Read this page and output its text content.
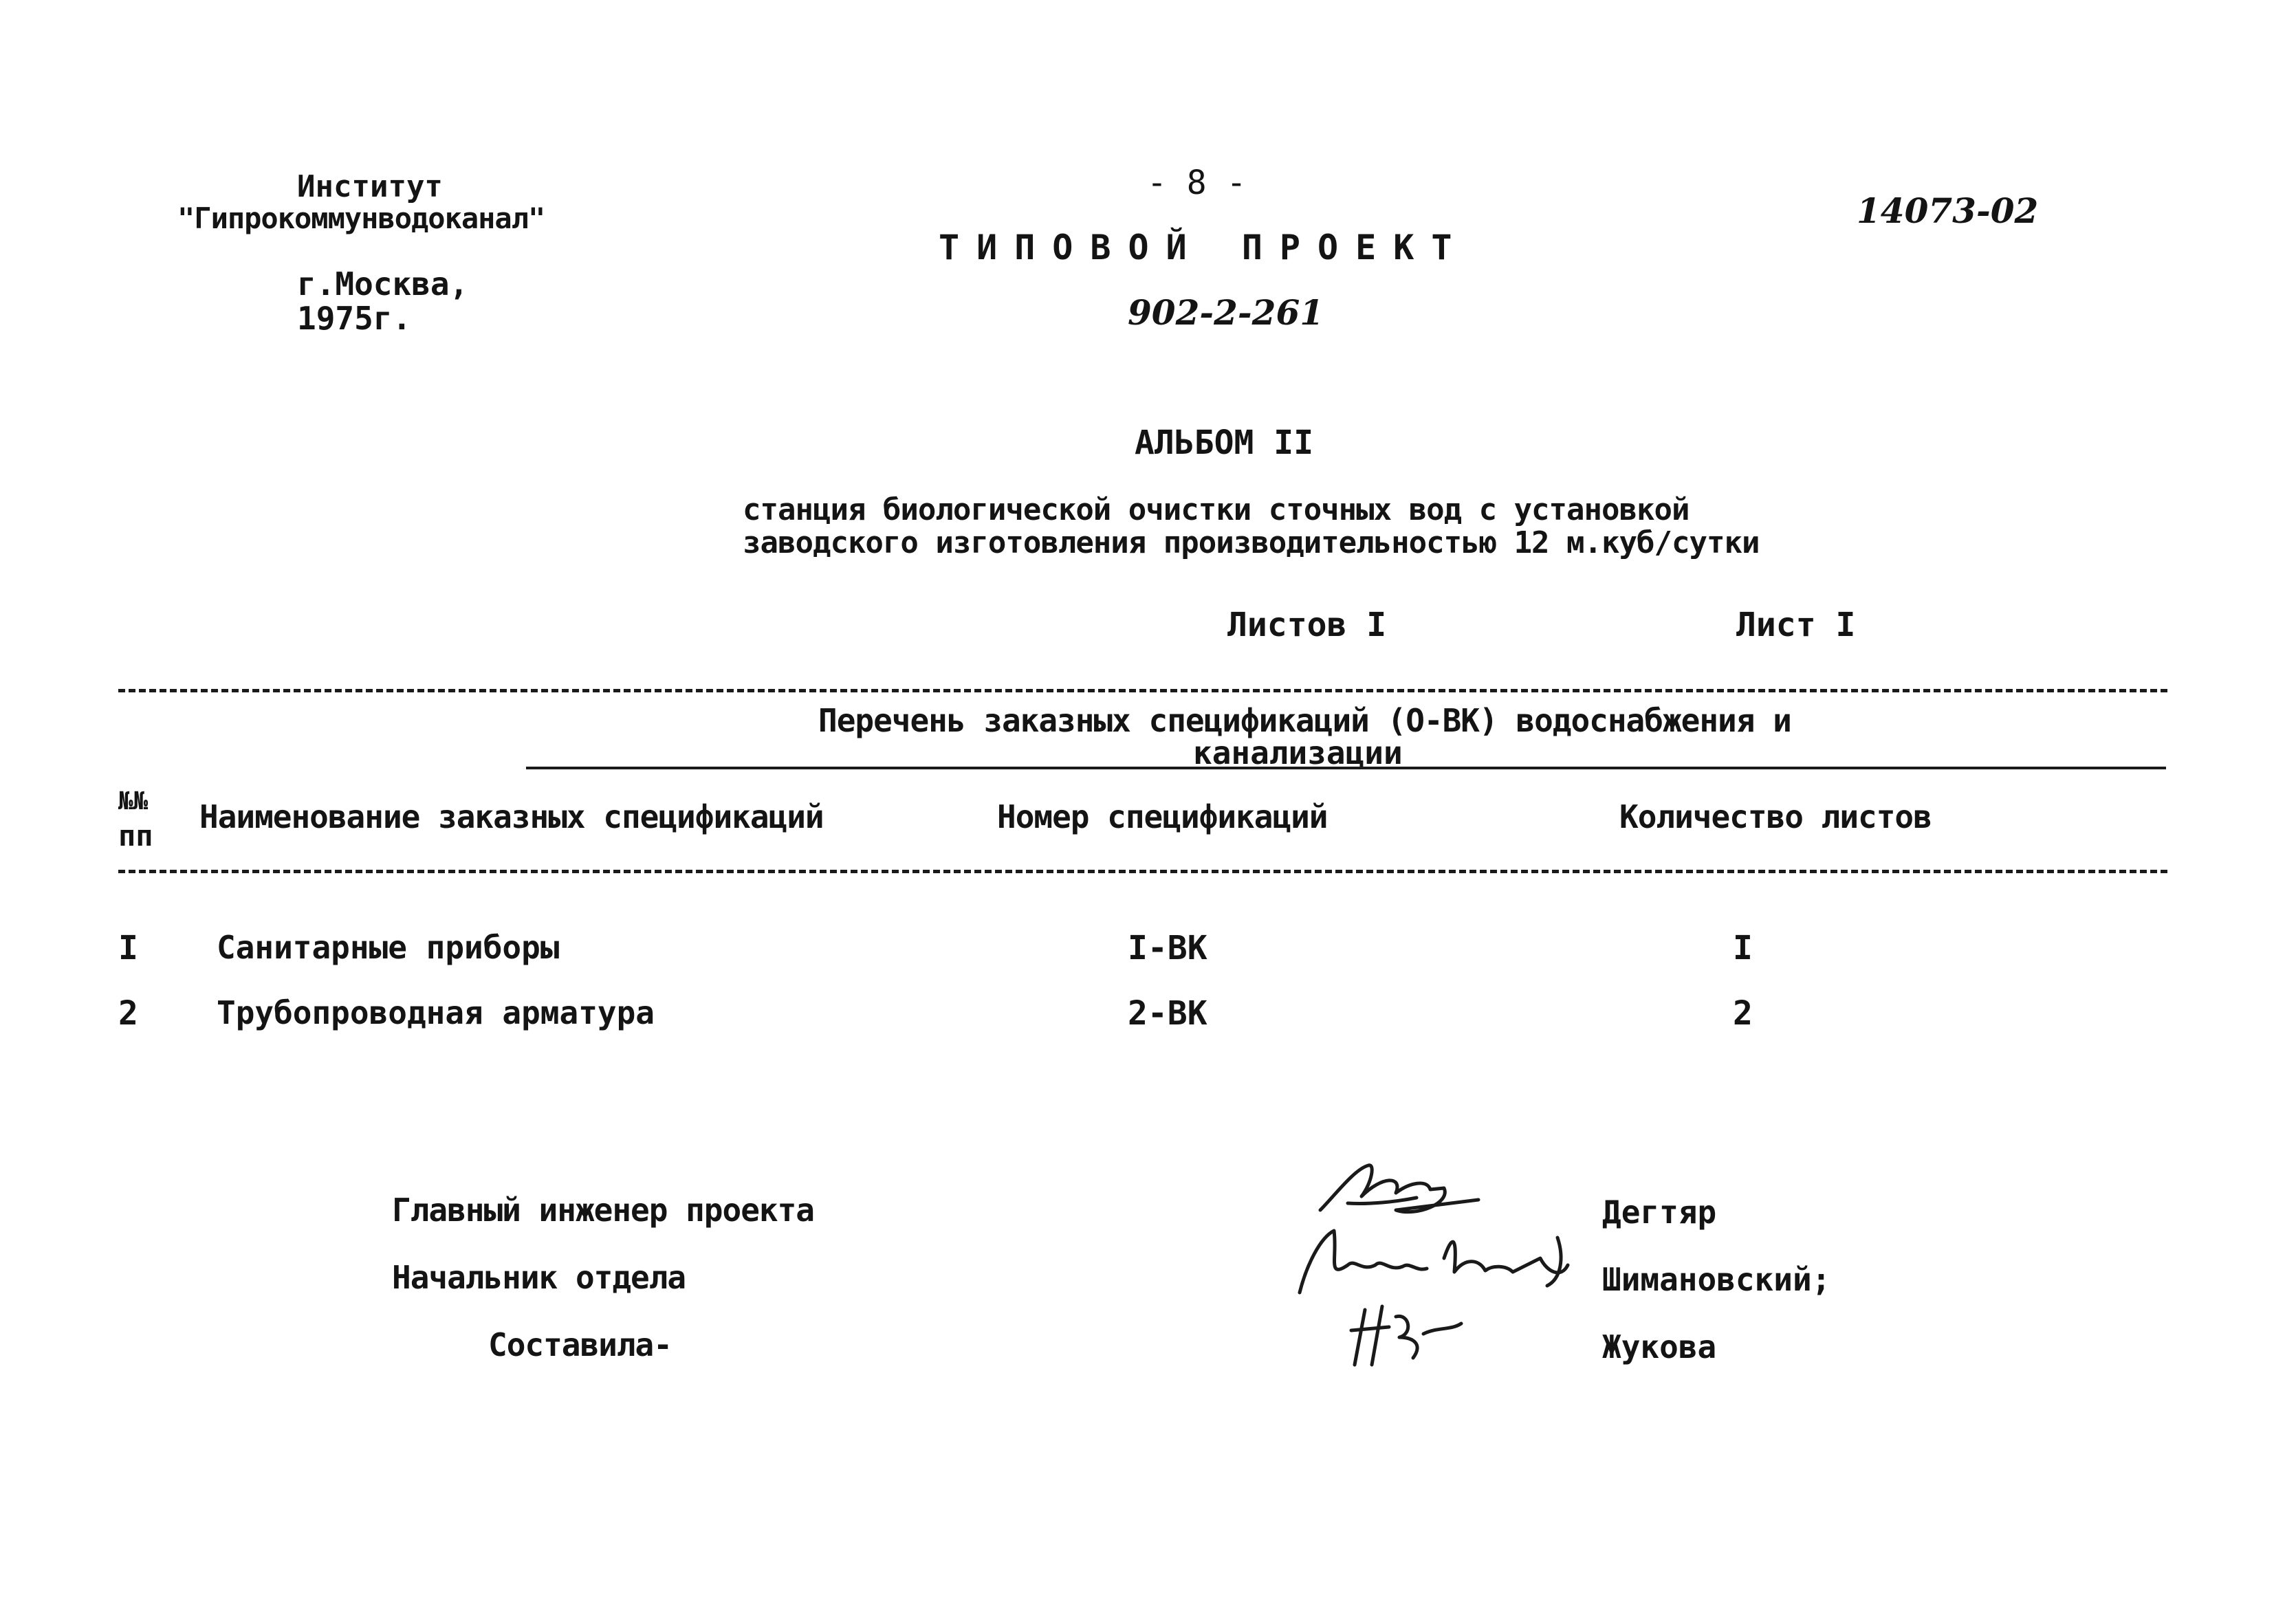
Институт
"Гипрокоммунводоканал"
г.Москва,
1975г.
- 8 -
ТИПОВОЙ ПРОЕКТ
902-2-261
14073-02
АЛЬБОМ II
станция биологической очистки сточных вод с установкой
заводского изготовления производительностью 12 м.куб/сутки
Листов I	Лист I
Перечень заказных спецификаций (О-ВК) водоснабжения и
канализации
№№
пп
Наименование заказных спецификаций	Номер спецификаций	Количество листов
I Санитарные приборы	I-ВК	I
2 Трубопроводная арматура	2-ВК	2
Главный инженер проекта
Начальник отдела
Составила-
Дегтяр
Шимановский;
Жукова
